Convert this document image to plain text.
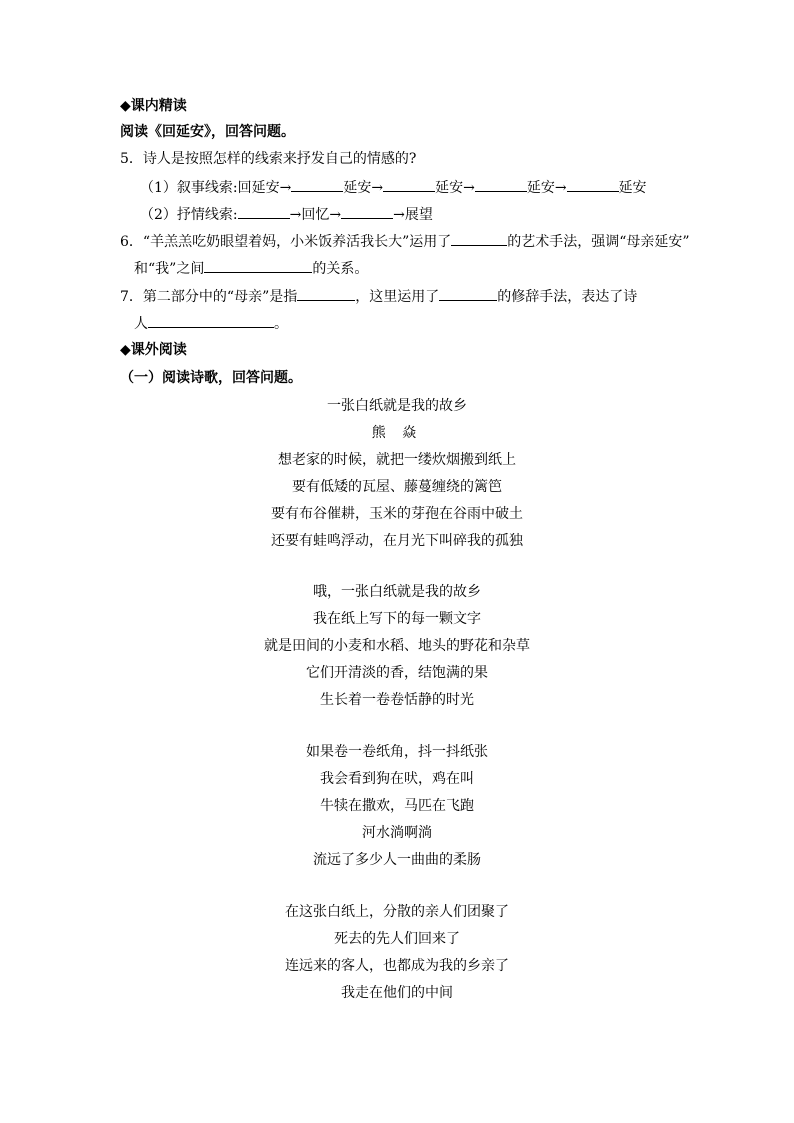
◆课内精读
阅读《回延安》，回答问题。
5．诗人是按照怎样的线索来抒发自己的情感的?
（1）叙事线索:回延安→	延安→	延安→	延安→	延安
（2）抒情线索:	→回忆→	→展望
6．“羊羔羔吃奶眼望着妈，小米饭养活我长大”运用了	的艺术手法，强调“母亲延安”
和“我”之间	的关系。
7．第二部分中的“母亲”是指	，这里运用了	的修辞手法，表达了诗
人	。
◆课外阅读
（一）阅读诗歌，回答问题。
一张白纸就是我的故乡
熊 焱
想老家的时候，就把一缕炊烟搬到纸上
要有低矮的瓦屋、藤蔓缠绕的篱笆
要有布谷催耕，玉米的芽孢在谷雨中破土
还要有蛙鸣浮动，在月光下叫碎我的孤独
哦，一张白纸就是我的故乡
我在纸上写下的每一颗文字
就是田间的小麦和水稻、地头的野花和杂草
它们开清淡的香，结饱满的果
生长着一卷卷恬静的时光
如果卷一卷纸角，抖一抖纸张
我会看到狗在吠，鸡在叫
牛犊在撒欢，马匹在飞跑
河水淌啊淌
流远了多少人一曲曲的柔肠
在这张白纸上，分散的亲人们团聚了
死去的先人们回来了
连远来的客人，也都成为我的乡亲了
我走在他们的中间
